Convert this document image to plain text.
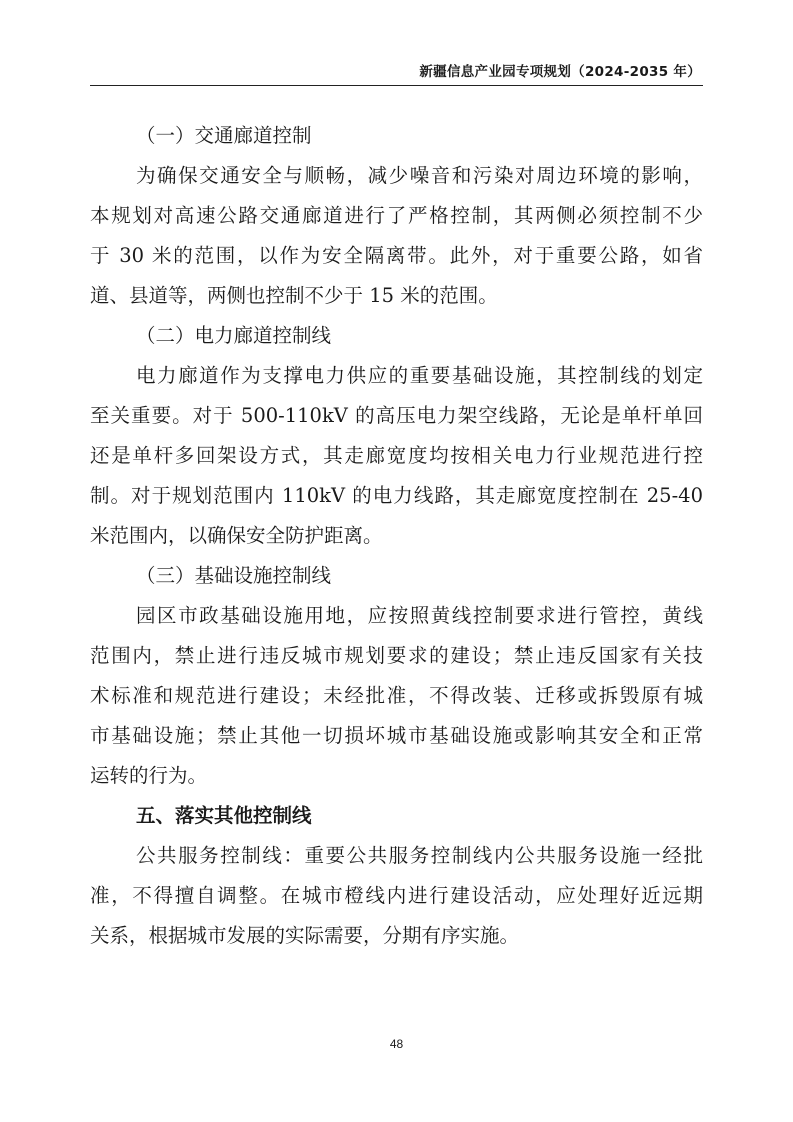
新疆信息产业园专项规划（2024-2035 年）
（一）交通廊道控制
为确保交通安全与顺畅，减少噪音和污染对周边环境的影响，
本规划对高速公路交通廊道进行了严格控制，其两侧必须控制不少
于 30 米的范围，以作为安全隔离带。此外，对于重要公路，如省
道、县道等，两侧也控制不少于 15 米的范围。
（二）电力廊道控制线
电力廊道作为支撑电力供应的重要基础设施，其控制线的划定
至关重要。对于 500-110kV 的高压电力架空线路，无论是单杆单回
还是单杆多回架设方式，其走廊宽度均按相关电力行业规范进行控
制。对于规划范围内 110kV 的电力线路，其走廊宽度控制在 25-40
米范围内，以确保安全防护距离。
（三）基础设施控制线
园区市政基础设施用地，应按照黄线控制要求进行管控，黄线
范围内，禁止进行违反城市规划要求的建设；禁止违反国家有关技
术标准和规范进行建设；未经批准，不得改装、迁移或拆毁原有城
市基础设施；禁止其他一切损坏城市基础设施或影响其安全和正常
运转的行为。
五、落实其他控制线
公共服务控制线：重要公共服务控制线内公共服务设施一经批
准，不得擅自调整。在城市橙线内进行建设活动，应处理好近远期
关系，根据城市发展的实际需要，分期有序实施。
48
